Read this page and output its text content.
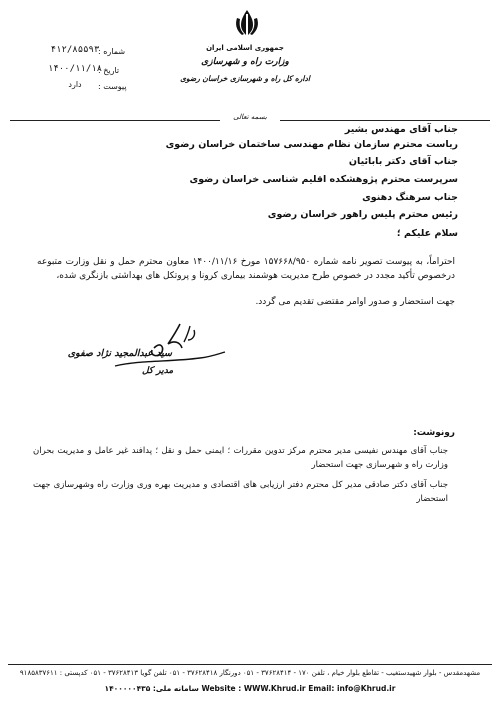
جمهوری اسلامی ایران
وزارت راه و شهرسازی
اداره کل راه و شهرسازی خراسان رضوی
۴۱۲/۸۵۵۹۳
شماره :
۱۴۰۰/۱۱/۱۸
تاریخ :
دارد	پیوست :
بسمه تعالی
جناب آقای مهندس بشیر
ریاست محترم سازمان نظام مهندسی ساختمان خراسان رضوی
جناب آقای دکتر بابائیان
سرپرست محترم پژوهشکده اقلیم شناسی خراسان رضوی
جناب سرهنگ دهنوی
رئیس محترم پلیس راهور خراسان رضوی
سلام علیکم ؛
احتراماً، به پیوست تصویر نامه شماره ۱۵۷۶۶۸/۹۵۰ مورخ ۱۴۰۰/۱۱/۱۶ معاون محترم حمل و نقل وزارت متبوعه درخصوص تأکید مجدد در خصوص طرح مدیریت هوشمند بیماری کرونا و پروتکل های بهداشتی بازنگری شده،
جهت استحضار و صدور اوامر مقتضی تقدیم می گردد.
سید عبدالمجید نژاد صفوی
مدیر کل
رونوشت:
جناب آقای مهندس نفیسی مدیر محترم مرکز تدوین مقررات ؛ ایمنی حمل و نقل ؛ پدافند غیر عامل و مدیریت بحران وزارت راه و شهرسازی جهت استحضار
جناب آقای دکتر صادقی مدیر کل محترم دفتر ارزیابی های اقتصادی و مدیریت بهره وری وزارت راه وشهرسازی جهت استحضار
مشهدمقدس - بلوار شهیدستغیب - تقاطع بلوار خیام ، تلفن ۱۷۰ - ۳۷۶۲۸۴۱۴ - ۰۵۱ دورنگار ۳۷۶۲۸۴۱۸ - ۰۵۱ تلفن گویا ۳۷۶۲۸۴۱۳ - ۰۵۱ کدپستی : ۹۱۸۵۸۳۷۶۱۱
Website : WWW.Khrud.ir Email: info@Khrud.ir سامانه ملی: ۱۴۰۰۰۰۰۴۳۵
